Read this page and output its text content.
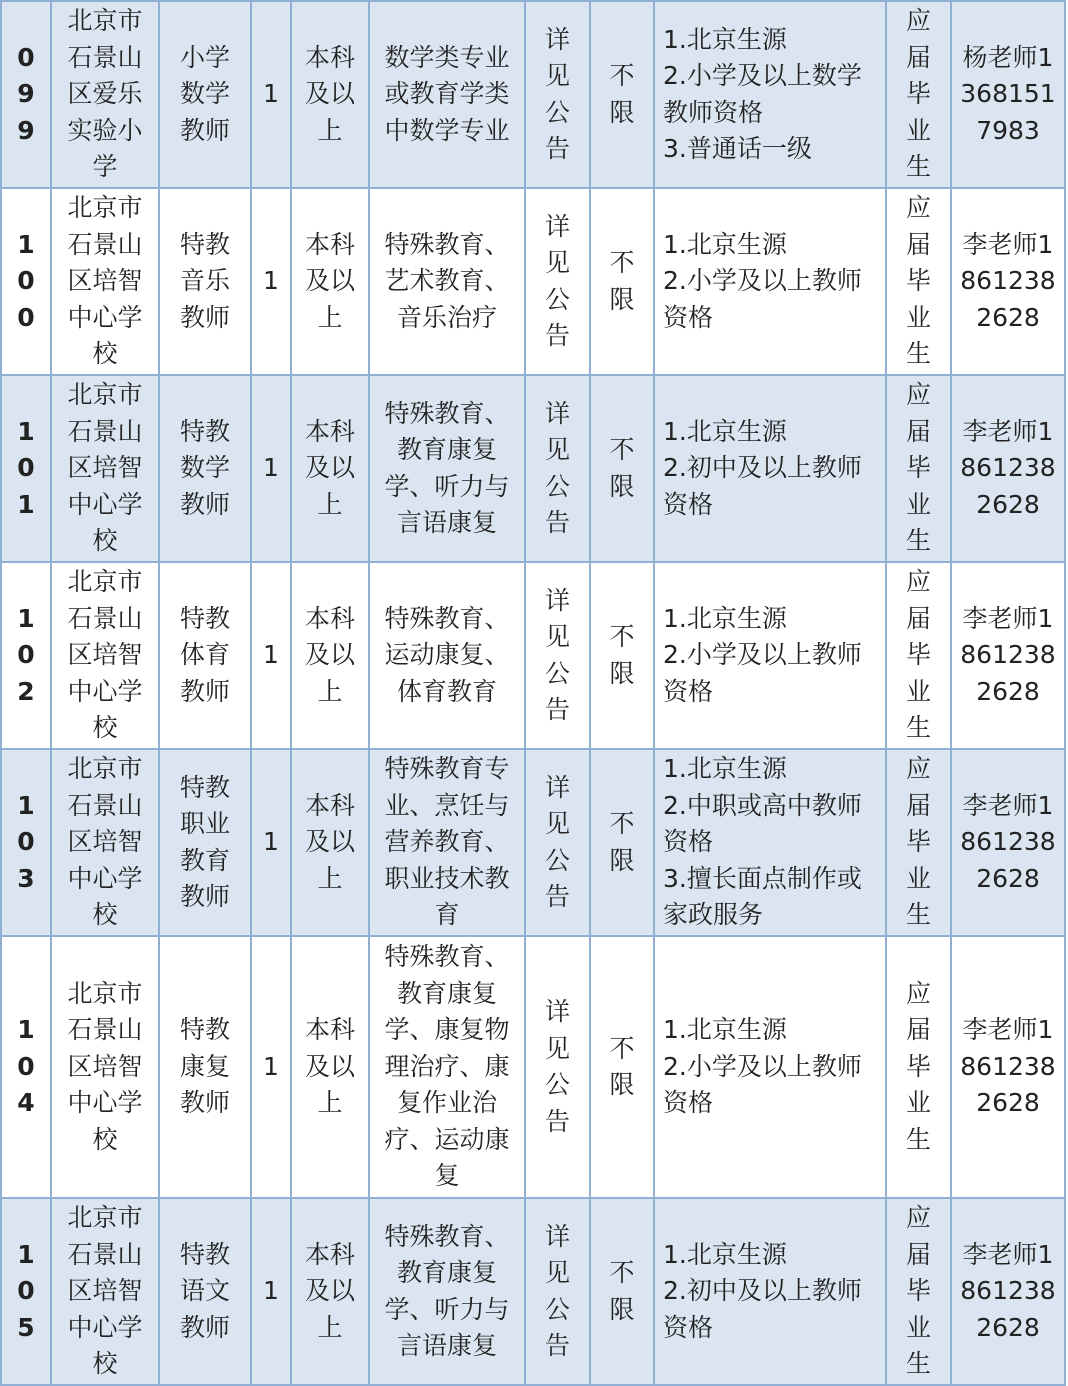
099	北京市石景山区爱乐实验小学	小学数学教师	1	本科及以上	数学类专业或教育学类中数学专业	详见公告	不限	1.北京生源
2.小学及以上数学教师资格
3.普通话一级	应届毕业生	杨老师13681517983
100	北京市石景山区培智中心学校	特教音乐教师	1	本科及以上	特殊教育、艺术教育、音乐治疗	详见公告	不限	1.北京生源
2.小学及以上教师资格	应届毕业生	李老师18612382628
101	北京市石景山区培智中心学校	特教数学教师	1	本科及以上	特殊教育、教育康复学、听力与言语康复	详见公告	不限	1.北京生源
2.初中及以上教师资格	应届毕业生	李老师18612382628
102	北京市石景山区培智中心学校	特教体育教师	1	本科及以上	特殊教育、运动康复、体育教育	详见公告	不限	1.北京生源
2.小学及以上教师资格	应届毕业生	李老师18612382628
103	北京市石景山区培智中心学校	特教职业教育教师	1	本科及以上	特殊教育专业、烹饪与营养教育、职业技术教育	详见公告	不限	1.北京生源
2.中职或高中教师资格
3.擅长面点制作或家政服务	应届毕业生	李老师18612382628
104	北京市石景山区培智中心学校	特教康复教师	1	本科及以上	特殊教育、教育康复学、康复物理治疗、康复作业治疗、运动康复	详见公告	不限	1.北京生源
2.小学及以上教师资格	应届毕业生	李老师18612382628
105	北京市石景山区培智中心学校	特教语文教师	1	本科及以上	特殊教育、教育康复学、听力与言语康复	详见公告	不限	1.北京生源
2.初中及以上教师资格	应届毕业生	李老师18612382628
